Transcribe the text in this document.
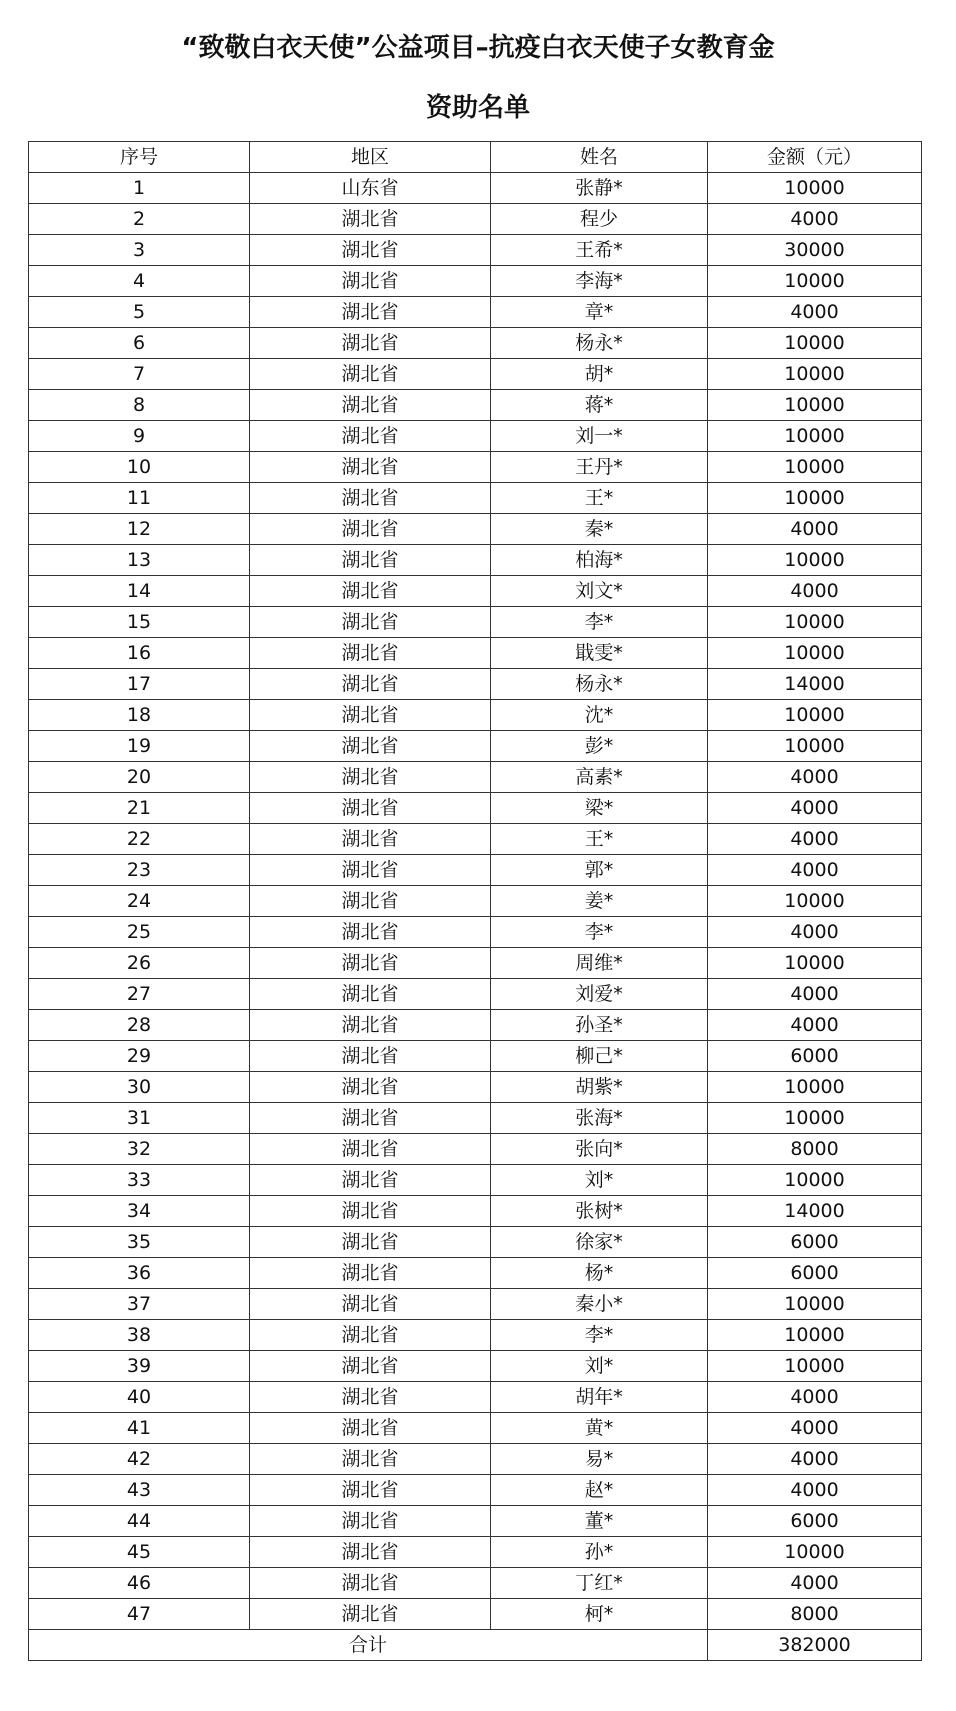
“致敬白衣天使”公益项目–抗疫白衣天使子女教育金
资助名单
序号	地区	姓名	金额（元）
1	山东省	张静*	10000
2	湖北省	程少	4000
3	湖北省	王希*	30000
4	湖北省	李海*	10000
5	湖北省	章*	4000
6	湖北省	杨永*	10000
7	湖北省	胡*	10000
8	湖北省	蒋*	10000
9	湖北省	刘一*	10000
10	湖北省	王丹*	10000
11	湖北省	王*	10000
12	湖北省	秦*	4000
13	湖北省	柏海*	10000
14	湖北省	刘文*	4000
15	湖北省	李*	10000
16	湖北省	戢雯*	10000
17	湖北省	杨永*	14000
18	湖北省	沈*	10000
19	湖北省	彭*	10000
20	湖北省	高素*	4000
21	湖北省	梁*	4000
22	湖北省	王*	4000
23	湖北省	郭*	4000
24	湖北省	姜*	10000
25	湖北省	李*	4000
26	湖北省	周维*	10000
27	湖北省	刘爱*	4000
28	湖北省	孙圣*	4000
29	湖北省	柳己*	6000
30	湖北省	胡紫*	10000
31	湖北省	张海*	10000
32	湖北省	张向*	8000
33	湖北省	刘*	10000
34	湖北省	张树*	14000
35	湖北省	徐家*	6000
36	湖北省	杨*	6000
37	湖北省	秦小*	10000
38	湖北省	李*	10000
39	湖北省	刘*	10000
40	湖北省	胡年*	4000
41	湖北省	黄*	4000
42	湖北省	易*	4000
43	湖北省	赵*	4000
44	湖北省	董*	6000
45	湖北省	孙*	10000
46	湖北省	丁红*	4000
47	湖北省	柯*	8000
合计			382000
